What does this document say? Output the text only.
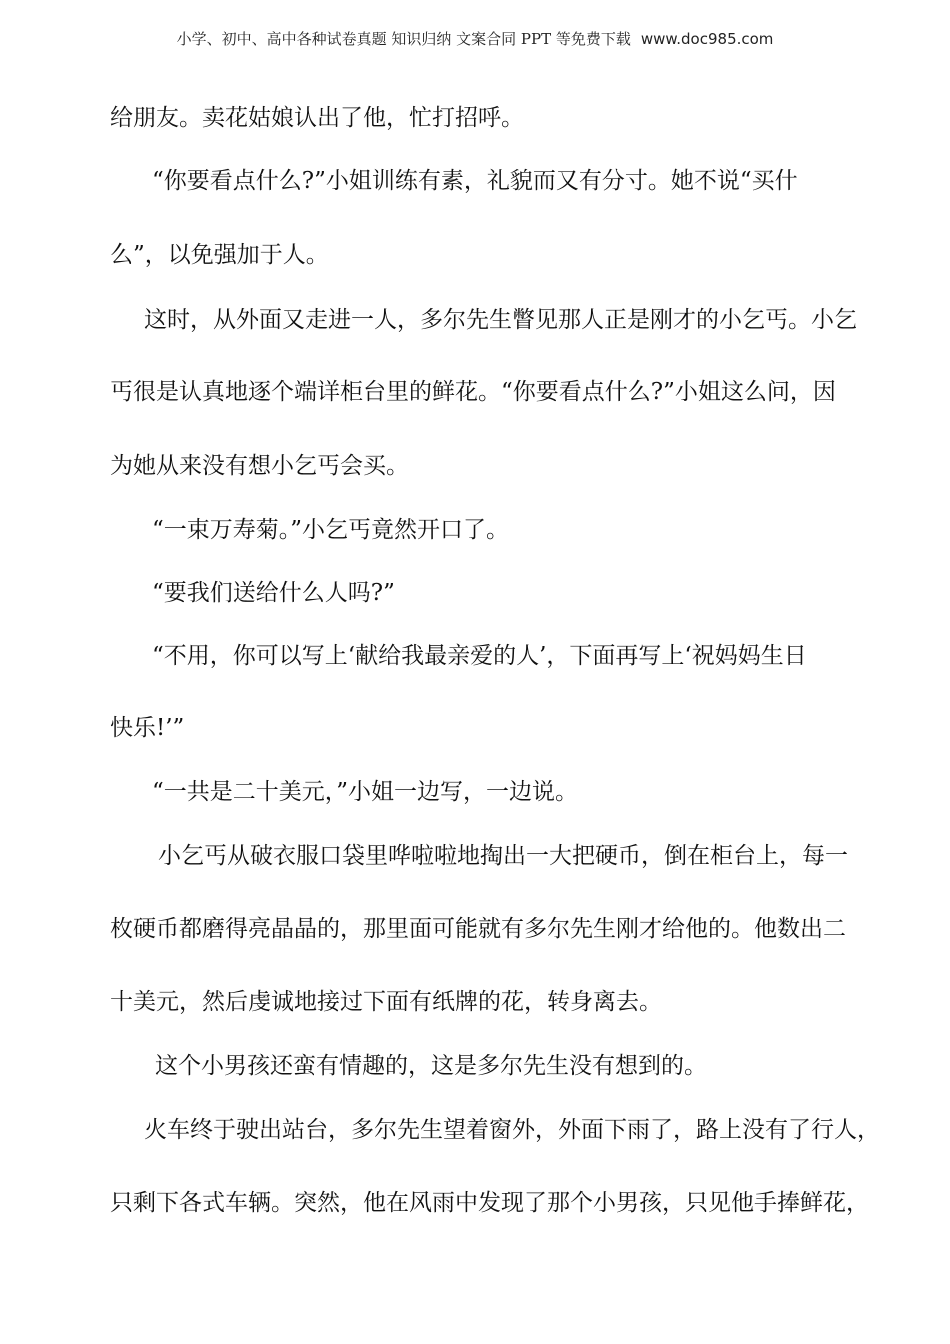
小学、初中、高中各种试卷真题 知识归纳 文案合同 PPT 等免费下载 www.doc985.com
给朋友。卖花姑娘认出了他，忙打招呼。
“你要看点什么?”小姐训练有素，礼貌而又有分寸。她不说“买什
么”，以免强加于人。
这时，从外面又走进一人，多尔先生瞥见那人正是刚才的小乞丐。小乞
丐很是认真地逐个端详柜台里的鲜花。“你要看点什么?”小姐这么问，因
为她从来没有想小乞丐会买。
“一束万寿菊。”小乞丐竟然开口了。
“要我们送给什么人吗?”
“不用，你可以写上‘献给我最亲爱的人’，下面再写上‘祝妈妈生日
快乐!’”
“一共是二十美元，”小姐一边写，一边说。
小乞丐从破衣服口袋里哗啦啦地掏出一大把硬币，倒在柜台上，每一
枚硬币都磨得亮晶晶的，那里面可能就有多尔先生刚才给他的。他数出二
十美元，然后虔诚地接过下面有纸牌的花，转身离去。
这个小男孩还蛮有情趣的，这是多尔先生没有想到的。
火车终于驶出站台，多尔先生望着窗外，外面下雨了，路上没有了行人，
只剩下各式车辆。突然，他在风雨中发现了那个小男孩，只见他手捧鲜花，
